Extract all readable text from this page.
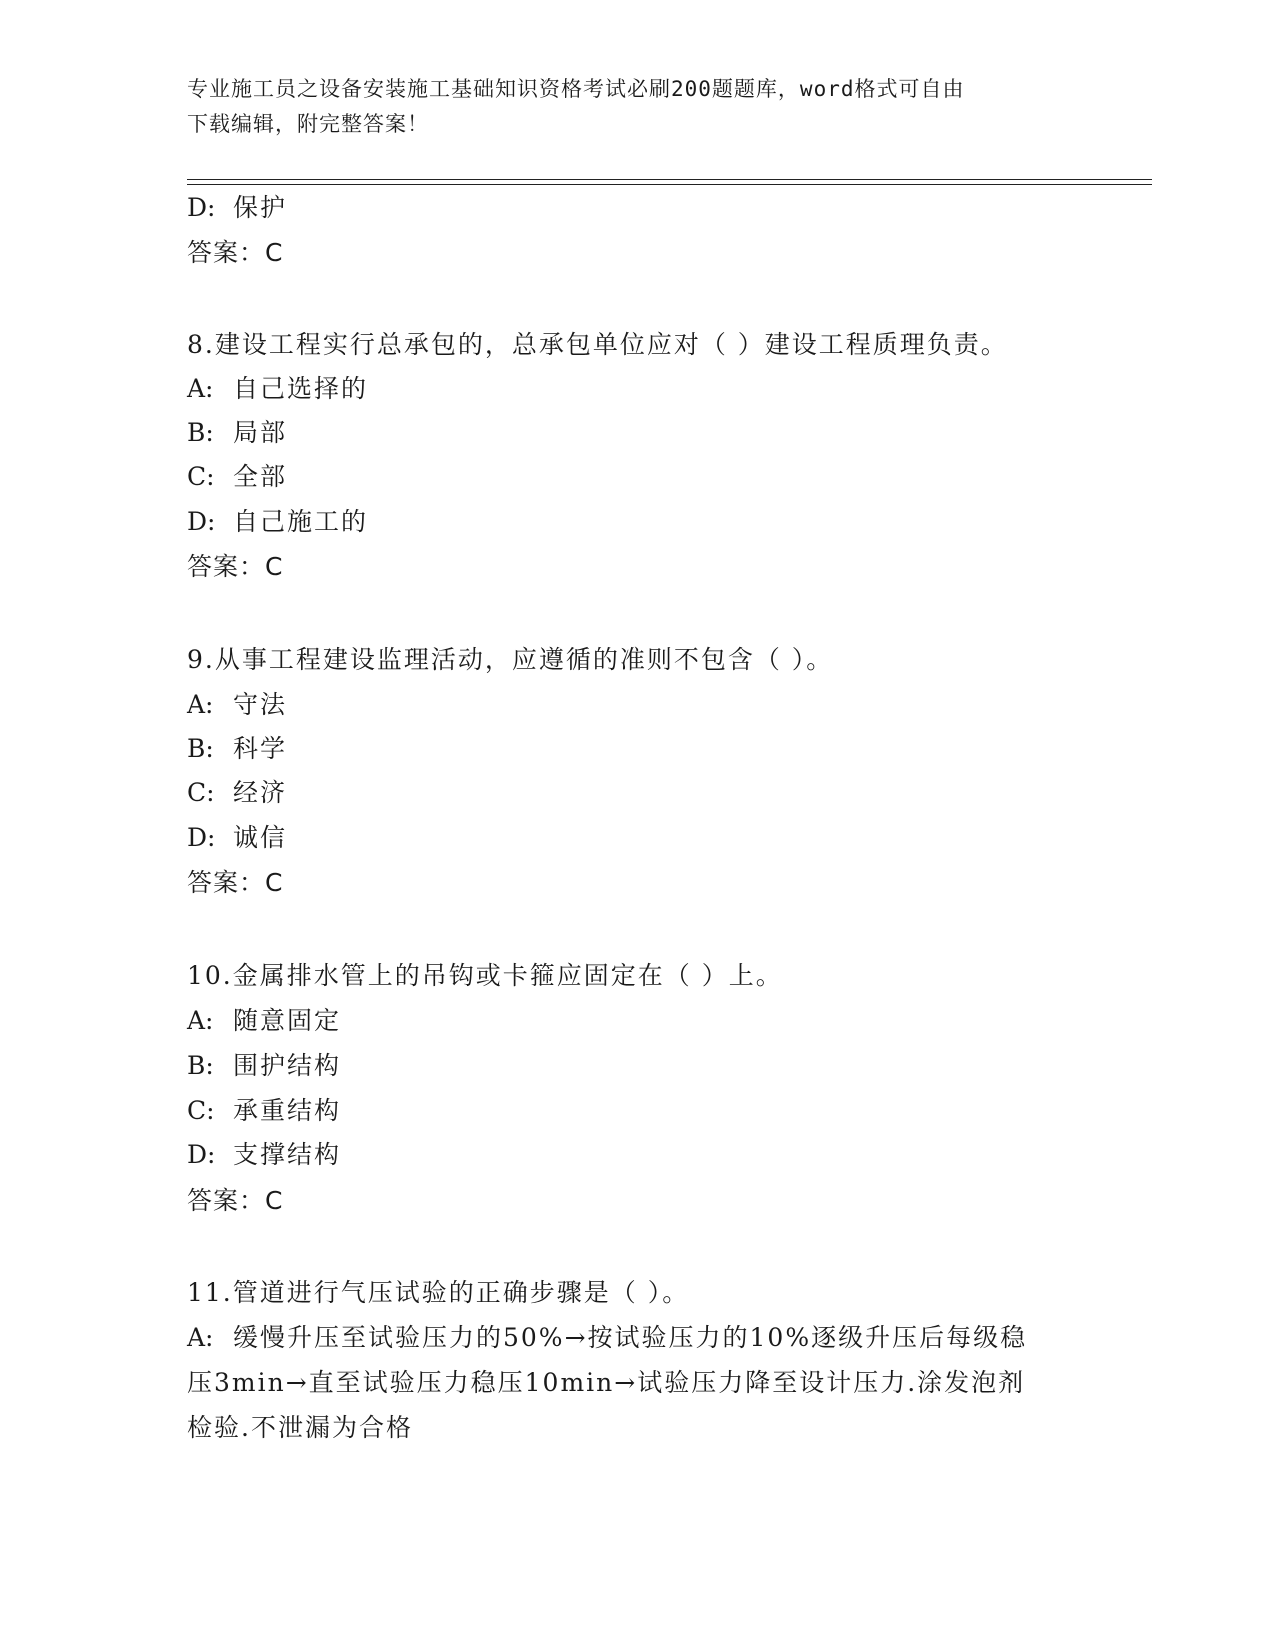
专业施工员之设备安装施工基础知识资格考试必刷200题题库，word格式可自由
下载编辑，附完整答案！
D: 保护
答案：C
8.建设工程实行总承包的，总承包单位应对（ ）建设工程质理负责。
A: 自己选择的
B: 局部
C: 全部
D: 自己施工的
答案：C
9.从事工程建设监理活动，应遵循的准则不包含（ ）。
A: 守法
B: 科学
C: 经济
D: 诚信
答案：C
10.金属排水管上的吊钩或卡箍应固定在（ ）上。
A: 随意固定
B: 围护结构
C: 承重结构
D: 支撑结构
答案：C
11.管道进行气压试验的正确步骤是（ ）。
A: 缓慢升压至试验压力的50%→按试验压力的10%逐级升压后每级稳
压3min→直至试验压力稳压10min→试验压力降至设计压力.涂发泡剂
检验.不泄漏为合格
